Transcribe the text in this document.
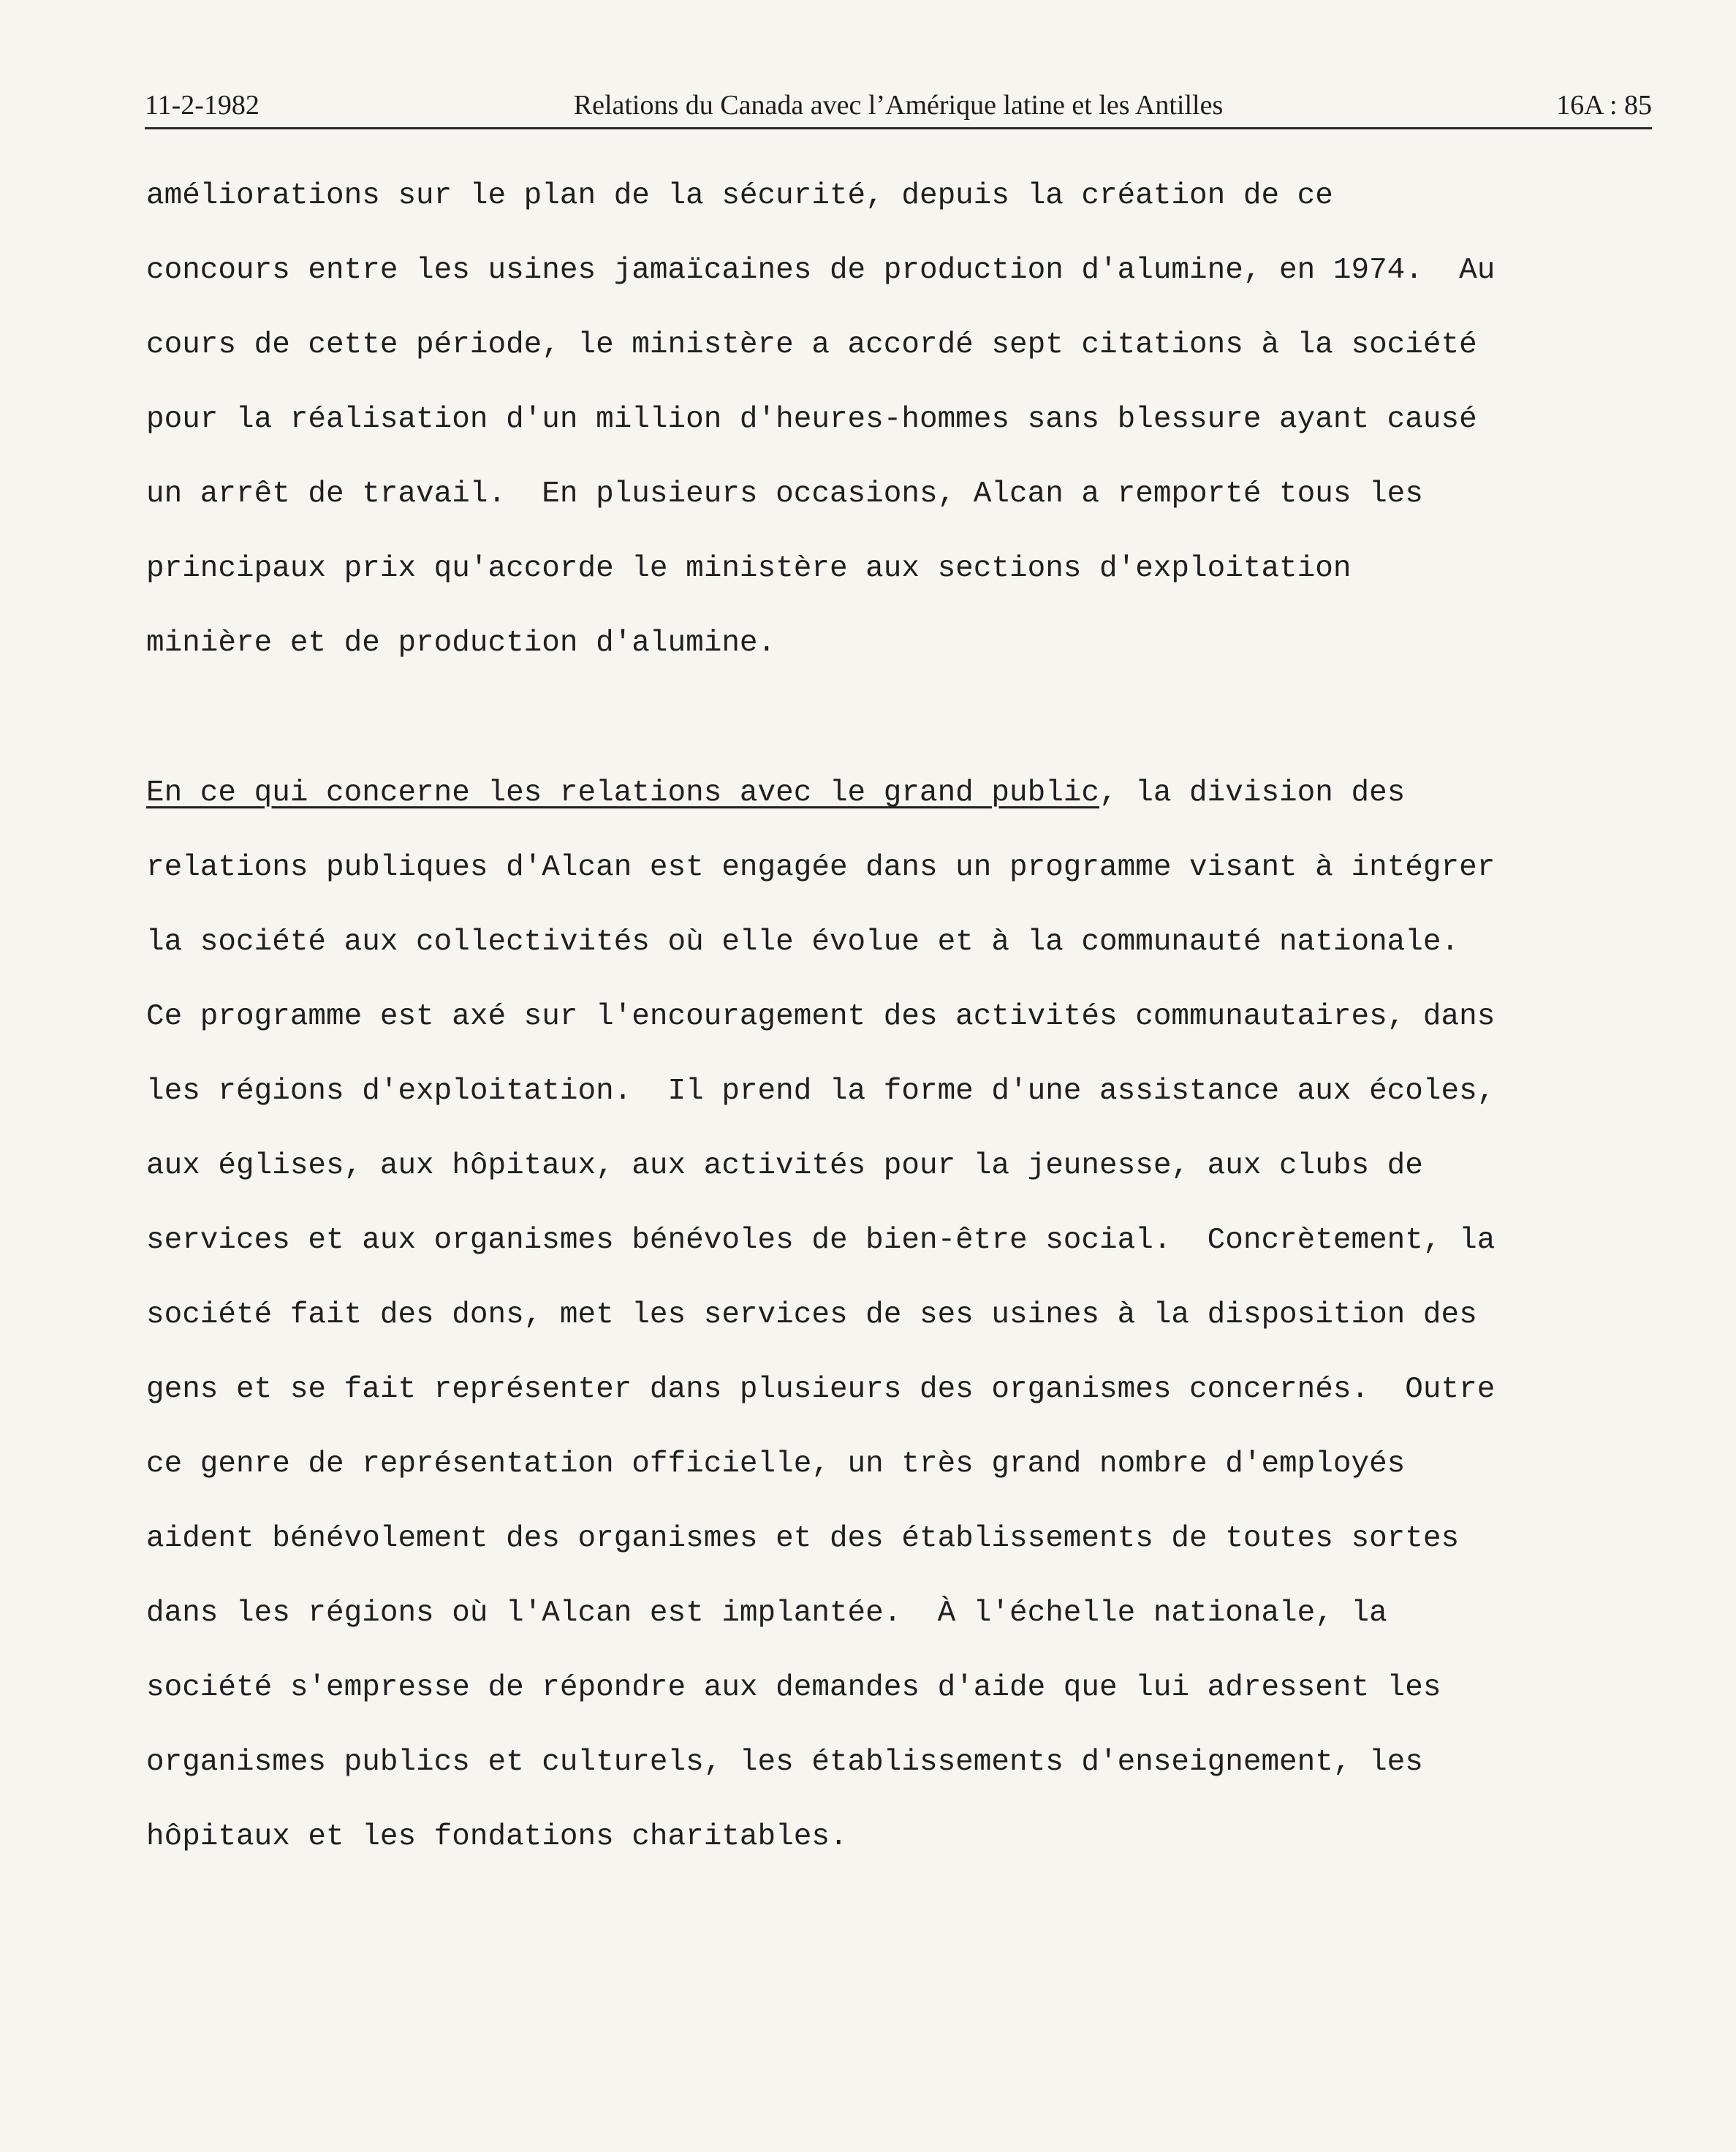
11-2-1982	Relations du Canada avec l’Amérique latine et les Antilles	16A : 85
améliorations sur le plan de la sécurité, depuis la création de ce
concours entre les usines jamaïcaines de production d'alumine, en 1974.  Au
cours de cette période, le ministère a accordé sept citations à la société
pour la réalisation d'un million d'heures-hommes sans blessure ayant causé
un arrêt de travail.  En plusieurs occasions, Alcan a remporté tous les
principaux prix qu'accorde le ministère aux sections d'exploitation
minière et de production d'alumine.
En ce qui concerne les relations avec le grand public, la division des
relations publiques d'Alcan est engagée dans un programme visant à intégrer
la société aux collectivités où elle évolue et à la communauté nationale.
Ce programme est axé sur l'encouragement des activités communautaires, dans
les régions d'exploitation.  Il prend la forme d'une assistance aux écoles,
aux églises, aux hôpitaux, aux activités pour la jeunesse, aux clubs de
services et aux organismes bénévoles de bien-être social.  Concrètement, la
société fait des dons, met les services de ses usines à la disposition des
gens et se fait représenter dans plusieurs des organismes concernés.  Outre
ce genre de représentation officielle, un très grand nombre d'employés
aident bénévolement des organismes et des établissements de toutes sortes
dans les régions où l'Alcan est implantée.  À l'échelle nationale, la
société s'empresse de répondre aux demandes d'aide que lui adressent les
organismes publics et culturels, les établissements d'enseignement, les
hôpitaux et les fondations charitables.
